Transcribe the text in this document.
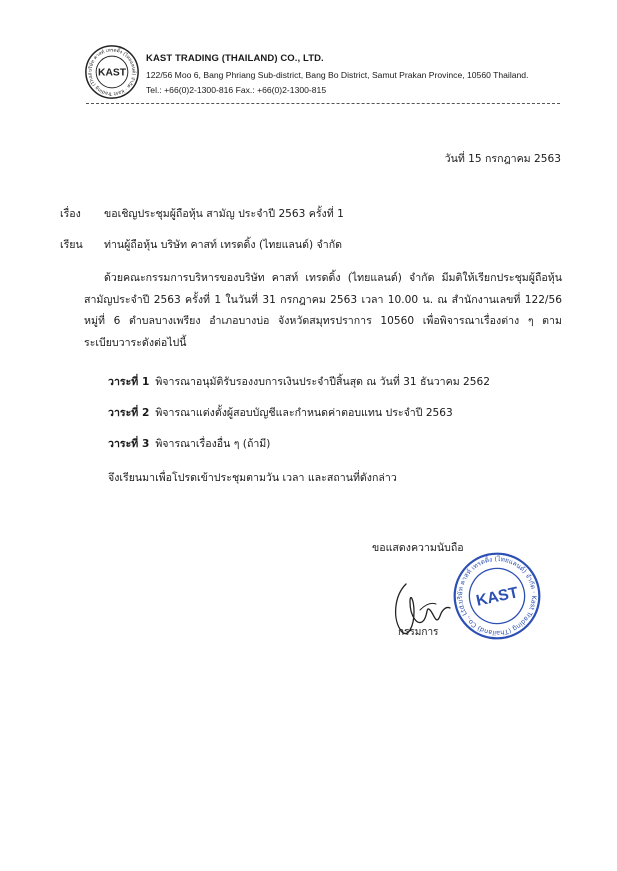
บริษัท คาสท์ เทรดดิ้ง (ไทยแลนด์) จำกัด · Kast Trading (Thail KAST
KAST TRADING (THAILAND) CO., LTD.
122/56 Moo 6, Bang Phriang Sub-district, Bang Bo District, Samut Prakan Province, 10560 Thailand.
Tel.: +66(0)2-1300-816 Fax.: +66(0)2-1300-815
วันที่ 15 กรกฎาคม 2563
เรื่อง ขอเชิญประชุมผู้ถือหุ้น สามัญ ประจำปี 2563 ครั้งที่ 1
เรียน ท่านผู้ถือหุ้น บริษัท คาสท์ เทรดดิ้ง (ไทยแลนด์) จำกัด
ด้วยคณะกรรมการบริหารของบริษัท คาสท์ เทรดดิ้ง (ไทยแลนด์) จำกัด มีมติให้เรียกประชุมผู้ถือหุ้นสามัญประจำปี 2563 ครั้งที่ 1 ในวันที่ 31 กรกฎาคม 2563 เวลา 10.00 น. ณ สำนักงานเลขที่ 122/56 หมู่ที่ 6 ตำบลบางเพรียง อำเภอบางบ่อ จังหวัดสมุทรปราการ 10560 เพื่อพิจารณาเรื่องต่าง ๆ ตามระเบียบวาระดังต่อไปนี้
วาระที่ 1 พิจารณาอนุมัติรับรองงบการเงินประจำปีสิ้นสุด ณ วันที่ 31 ธันวาคม 2562
วาระที่ 2 พิจารณาแต่งตั้งผู้สอบบัญชีและกำหนดค่าตอบแทน ประจำปี 2563
วาระที่ 3 พิจารณาเรื่องอื่น ๆ (ถ้ามี)
จึงเรียนมาเพื่อโปรดเข้าประชุมตามวัน เวลา และสถานที่ดังกล่าว
ขอแสดงความนับถือ
บริษัท คาสท์ เทรดดิ้ง (ไทยแลนด์) จำกัด · Kast Trading (Thailand) Co., Ltd. KAST
กรรมการ
